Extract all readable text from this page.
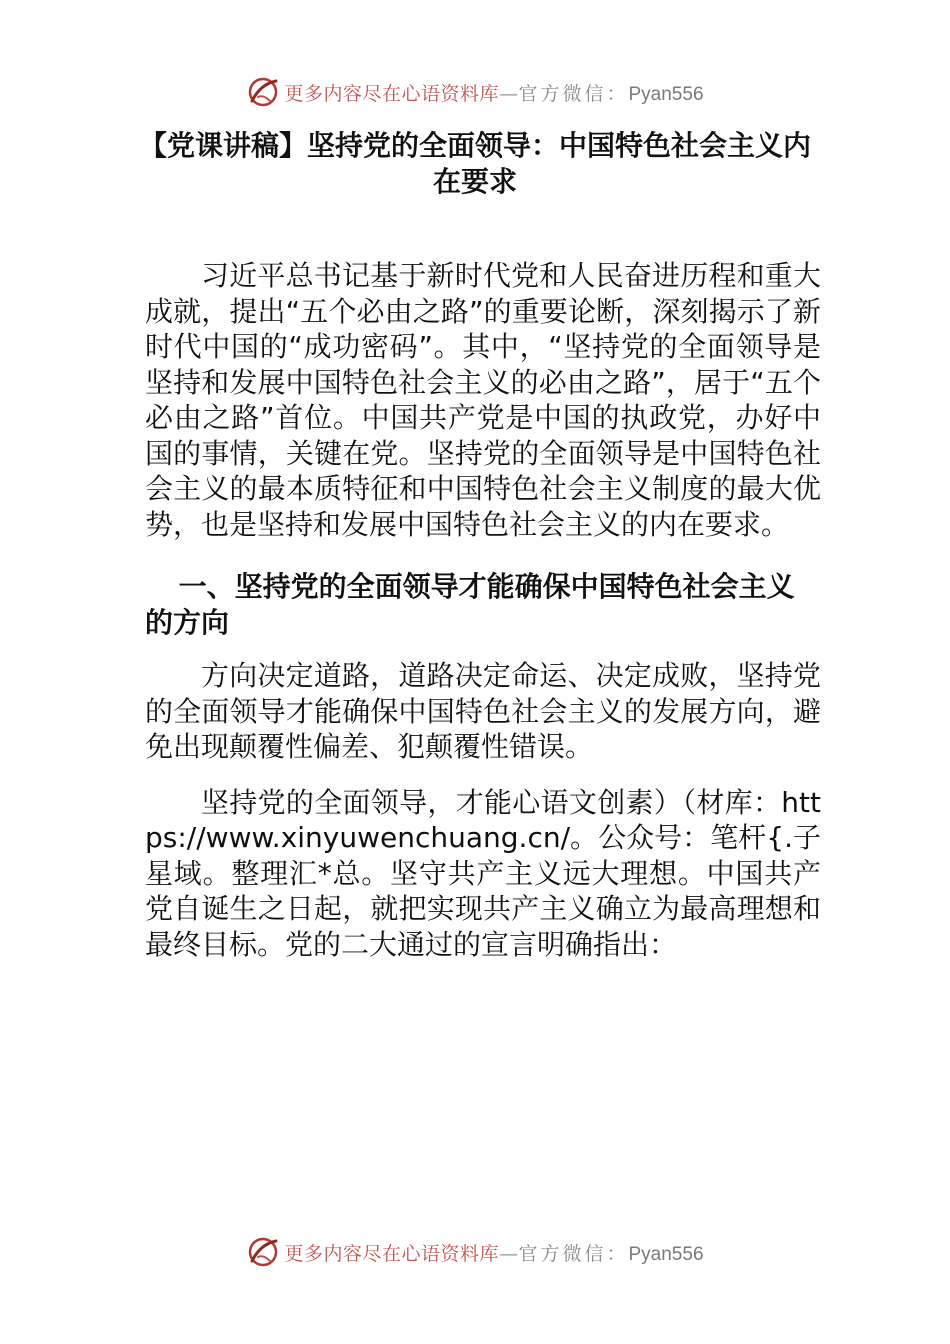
更多内容尽在心语资料库—官方微信：Pyan556
【党课讲稿】坚持党的全面领导：中国特色社会主义内在要求

习近平总书记基于新时代党和人民奋进历程和重大成就，提出“五个必由之路”的重要论断，深刻揭示了新时代中国的“成功密码”。其中，“坚持党的全面领导是坚持和发展中国特色社会主义的必由之路”，居于“五个必由之路”首位。中国共产党是中国的执政党，办好中国的事情，关键在党。坚持党的全面领导是中国特色社会主义的最本质特征和中国特色社会主义制度的最大优势，也是坚持和发展中国特色社会主义的内在要求。

一、坚持党的全面领导才能确保中国特色社会主义的方向

方向决定道路，道路决定命运、决定成败，坚持党的全面领导才能确保中国特色社会主义的发展方向，避免出现颠覆性偏差、犯颠覆性错误。

坚持党的全面领导，才能心语文创素）（材库：https://www.xinyuwenchuang.cn/。公众号：笔杆{.子星域。整理汇*总。坚守共产主义远大理想。中国共产党自诞生之日起，就把实现共产主义确立为最高理想和最终目标。党的二大通过的宣言明确指出：

更多内容尽在心语资料库—官方微信：Pyan556
